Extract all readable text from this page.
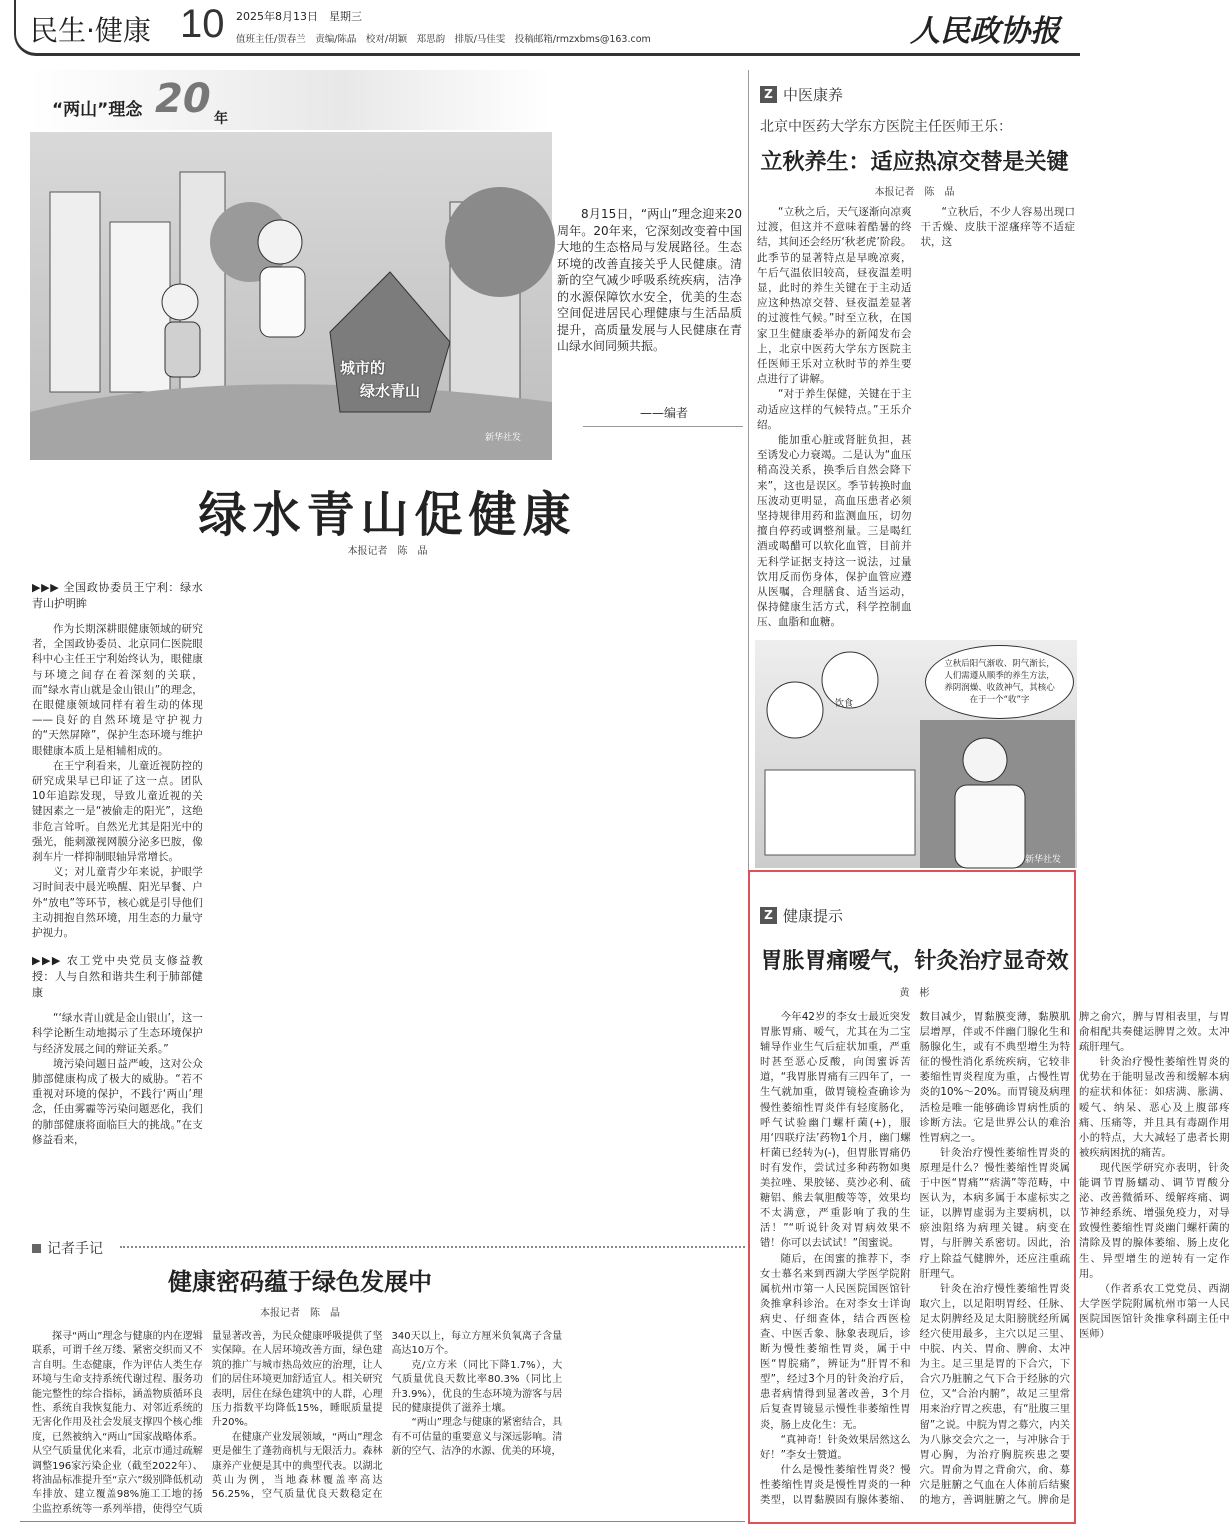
民生·健康 10 2025年8月13日　星期三
值班主任/贺春兰　责编/陈晶　校对/胡颖　郑思韵　排版/马佳雯　投稿邮箱/rmzxbms@163.com	人民政协报
“两山”理念 20 年
城市的
绿水青山
新华社发
8月15日，“两山”理念迎来20周年。20年来，它深刻改变着中国大地的生态格局与发展路径。生态环境的改善直接关乎人民健康。清新的空气减少呼吸系统疾病，洁净的水源保障饮水安全，优美的生态空间促进居民心理健康与生活品质提升，高质量发展与人民健康在青山绿水间同频共振。
——编者
绿水青山促健康
本报记者　陈　晶

▶▶▶ 全国政协委员王宁利：绿水青山护明眸

作为长期深耕眼健康领域的研究者，全国政协委员、北京同仁医院眼科中心主任王宁利始终认为，眼健康与环境之间存在着深刻的关联，而“绿水青山就是金山银山”的理念，在眼健康领域同样有着生动的体现——良好的自然环境是守护视力的“天然屏障”，保护生态环境与维护眼健康本质上是相辅相成的。

在王宁利看来，儿童近视防控的研究成果早已印证了这一点。团队10年追踪发现，导致儿童近视的关键因素之一是“被偷走的阳光”，这绝非危言耸听。自然光尤其是阳光中的强光，能刺激视网膜分泌多巴胺，像刹车片一样抑制眼轴异常增长。

义；对儿童青少年来说，护眼学习时间表中晨光唤醒、阳光早餐、户外“放电”等环节，核心就是引导他们主动拥抱自然环境，用生态的力量守护视力。

▶▶▶ 农工党中央党员支修益教授：人与自然和谐共生利于肺部健康

“‘绿水青山就是金山银山’，这一科学论断生动地揭示了生态环境保护与经济发展之间的辩证关系。”

境污染问题日益严峻，这对公众肺部健康构成了极大的威胁。“若不重视对环境的保护，不践行‘两山’理念，任由雾霾等污染问题恶化，我们的肺部健康将面临巨大的挑战。”在支修益看来，

Z 中医康养
北京中医药大学东方医院主任医师王乐：
立秋养生：适应热凉交替是关键
本报记者　陈　晶

“立秋之后，天气逐渐向凉爽过渡，但这并不意味着酷暑的终结，其间还会经历‘秋老虎’阶段。此季节的显著特点是早晚凉爽，午后气温依旧较高，昼夜温差明显，此时的养生关键在于主动适应这种热凉交替、昼夜温差显著的过渡性气候。”时至立秋，在国家卫生健康委举办的新闻发布会上，北京中医药大学东方医院主任医师王乐对立秋时节的养生要点进行了讲解。

“对于养生保健，关键在于主动适应这样的气候特点。”王乐介绍。

能加重心脏或肾脏负担，甚至诱发心力衰竭。二是认为“血压稍高没关系，换季后自然会降下来”，这也是误区。季节转换时血压波动更明显，高血压患者必须坚持规律用药和监测血压，切勿擅自停药或调整剂量。三是喝红酒或喝醋可以软化血管，目前并无科学证据支持这一说法，过量饮用反而伤身体，保护血管应遵从医嘱，合理膳食、适当运动，保持健康生活方式，科学控制血压、血脂和血糖。

“立秋后，不少人容易出现口干舌燥、皮肤干涩瘙痒等不适症状，这

饮食
立秋后阳气渐收、阴气渐长，人们需遵从顺季的养生方法，养阴润燥、收敛神气，其核心在于一个“收”字
新华社发
Z 健康提示
胃胀胃痛嗳气，针灸治疗显奇效
黄　彬

今年42岁的李女士最近突发胃胀胃痛、嗳气，尤其在为二宝辅导作业生气后症状加重，严重时甚至恶心反酸，向闺蜜诉苦道，“我胃胀胃痛有三四年了，一生气就加重，做胃镜检查确诊为慢性萎缩性胃炎伴有轻度肠化，呼气试验幽门螺杆菌(+)，服用‘四联疗法’药物1个月，幽门螺杆菌已经转为(-)，但胃胀胃痛仍时有发作，尝试过多种药物如奥美拉唑、果胶铋、莫沙必利、硫糖铝、熊去氧胆酸等等，效果均不太满意，严重影响了我的生活！”“听说针灸对胃病效果不错！你可以去试试！”闺蜜说。

随后，在闺蜜的推荐下，李女士慕名来到西湖大学医学院附属杭州市第一人民医院国医馆针灸推拿科诊治。在对李女士详询病史、仔细查体，结合西医检查、中医舌象、脉象表现后，诊断为慢性萎缩性胃炎，属于中医“胃脘痛”，辨证为“肝胃不和型”，经过3个月的针灸治疗后，患者病情得到显著改善，3个月后复查胃镜显示慢性非萎缩性胃炎，肠上皮化生：无。

“真神奇！针灸效果居然这么好！”李女士赞道。

什么是慢性萎缩性胃炎？慢性萎缩性胃炎是慢性胃炎的一种类型，以胃黏膜固有腺体萎缩、数目减少，胃黏膜变薄，黏膜肌层增厚，伴或不伴幽门腺化生和肠腺化生，或有不典型增生为特征的慢性消化系统疾病，它较非萎缩性胃炎程度为重，占慢性胃炎的10%～20%。而胃镜及病理活检是唯一能够确诊胃病性质的诊断方法。它是世界公认的难治性胃病之一。

针灸治疗慢性萎缩性胃炎的原理是什么？慢性萎缩性胃炎属于中医“胃痛”“痞满”等范畴，中医认为，本病多属于本虚标实之证，以脾胃虚弱为主要病机，以瘀浊阻络为病理关键。病变在胃，与肝脾关系密切。因此，治疗上除益气健脾外，还应注重疏肝理气。

针灸在治疗慢性萎缩性胃炎取穴上，以足阳明胃经、任脉、足太阴脾经及足太阳膀胱经所属经穴使用最多，主穴以足三里、中脘、内关、胃俞、脾俞、太冲为主。足三里是胃的下合穴，下合穴乃脏腑之气下合于经脉的穴位，又“合治内腑”，故足三里常用来治疗胃之疾患，有“肚腹三里留”之说。中脘为胃之募穴，内关为八脉交会穴之一，与冲脉合于胃心胸，为治疗胸脘疾患之要穴。胃俞为胃之背俞穴，俞、募穴是脏腑之气血在人体前后结聚的地方，善调脏腑之气。脾俞是脾之俞穴，脾与胃相表里，与胃俞相配共奏健运脾胃之效。太冲疏肝理气。

针灸治疗慢性萎缩性胃炎的优势在于能明显改善和缓解本病的症状和体征：如痞满、胀满、嗳气、纳呆、恶心及上腹部疼痛、压痛等，并且具有毒副作用小的特点，大大减轻了患者长期被疾病困扰的痛苦。

现代医学研究亦表明，针灸能调节胃肠蠕动、调节胃酸分泌、改善微循环、缓解疼痛、调节神经系统、增强免疫力，对导致慢性萎缩性胃炎幽门螺杆菌的清除及胃的腺体萎缩、肠上皮化生、异型增生的逆转有一定作用。

（作者系农工党党员、西湖大学医学院附属杭州市第一人民医院国医馆针灸推拿科副主任中医师）

记者手记
健康密码蕴于绿色发展中
本报记者　陈　晶

探寻“两山”理念与健康的内在逻辑联系，可谓千丝万缕、紧密交织而又不言自明。生态健康，作为评估人类生存环境与生命支持系统代谢过程、服务功能完整性的综合指标，涵盖物质循环良性、系统自我恢复能力、对邻近系统的无害化作用及社会发展支撑四个核心维度，已然被纳入“两山”国家战略体系。从空气质量优化来看，北京市通过疏解调整196家污染企业（截至2022年）、将油品标准提升至“京六”级别降低机动车排放、建立覆盖98%施工工地的扬尘监控系统等一系列举措，使得空气质量显著改善，为民众健康呼吸提供了坚实保障。在人居环境改善方面，绿色建筑的推广与城市热岛效应的治理，让人们的居住环境更加舒适宜人。相关研究表明，居住在绿色建筑中的人群，心理压力指数平均降低15%，睡眠质量提升20%。

在健康产业发展领域，“两山”理念更是催生了蓬勃商机与无限活力。森林康养产业便是其中的典型代表。以湖北英山为例，当地森林覆盖率高达56.25%，空气质量优良天数稳定在340天以上，每立方厘米负氧离子含量高达10万个。

克/立方米（同比下降1.7%），大气质量优良天数比率80.3%（同比上升3.9%），优良的生态环境为游客与居民的健康提供了滋养土壤。

“两山”理念与健康的紧密结合，具有不可估量的重要意义与深远影响。清新的空气、洁净的水源、优美的环境，
